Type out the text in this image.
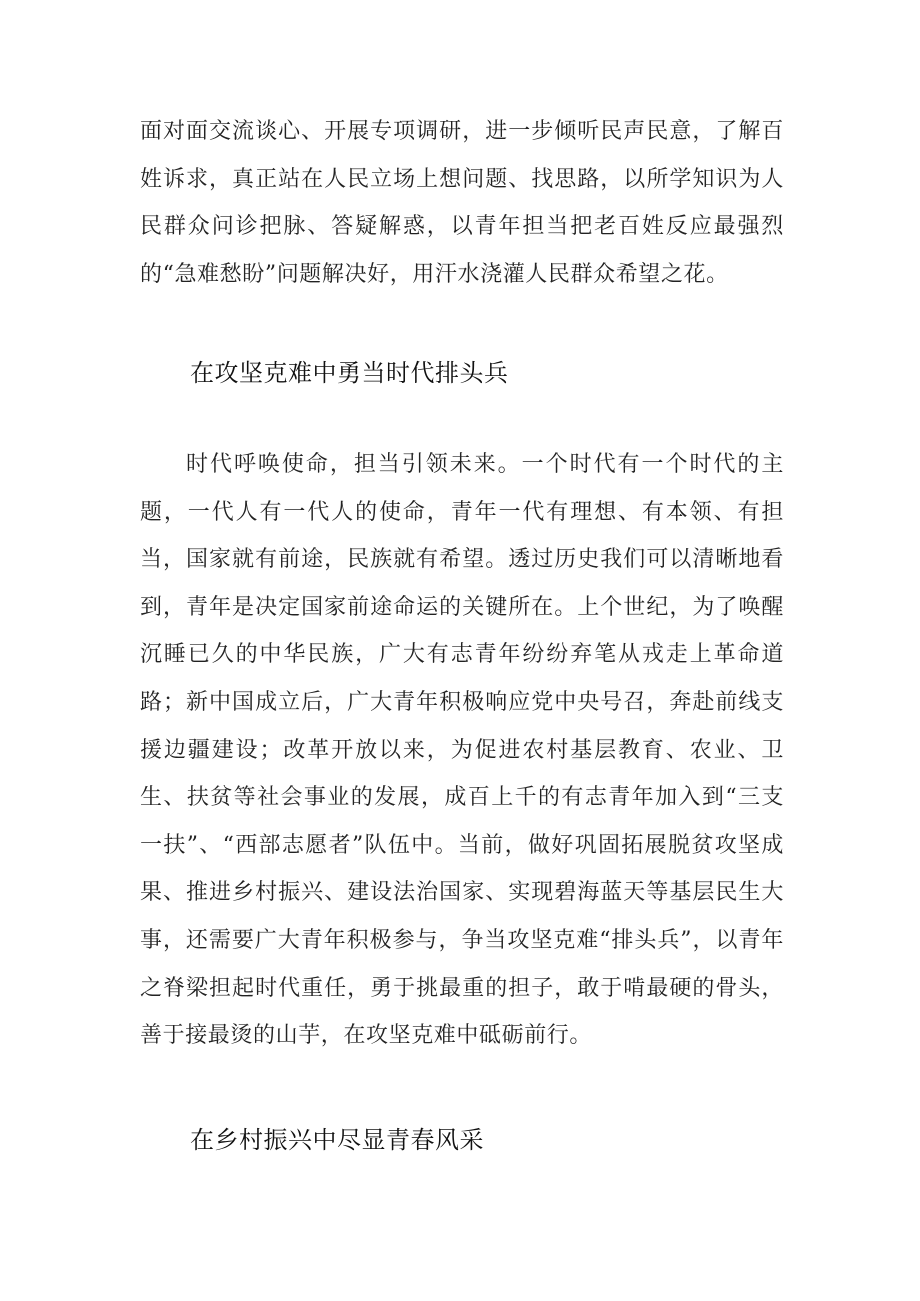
面对面交流谈心、开展专项调研，进一步倾听民声民意，了解百姓诉求，真正站在人民立场上想问题、找思路，以所学知识为人民群众问诊把脉、答疑解惑，以青年担当把老百姓反应最强烈的“急难愁盼”问题解决好，用汗水浇灌人民群众希望之花。

在攻坚克难中勇当时代排头兵

时代呼唤使命，担当引领未来。一个时代有一个时代的主题，一代人有一代人的使命，青年一代有理想、有本领、有担当，国家就有前途，民族就有希望。透过历史我们可以清晰地看到，青年是决定国家前途命运的关键所在。上个世纪，为了唤醒沉睡已久的中华民族，广大有志青年纷纷弃笔从戎走上革命道路；新中国成立后，广大青年积极响应党中央号召，奔赴前线支援边疆建设；改革开放以来，为促进农村基层教育、农业、卫生、扶贫等社会事业的发展，成百上千的有志青年加入到“三支一扶”、“西部志愿者”队伍中。当前，做好巩固拓展脱贫攻坚成果、推进乡村振兴、建设法治国家、实现碧海蓝天等基层民生大事，还需要广大青年积极参与，争当攻坚克难“排头兵”，以青年之脊梁担起时代重任，勇于挑最重的担子，敢于啃最硬的骨头，善于接最烫的山芋，在攻坚克难中砥砺前行。

在乡村振兴中尽显青春风采
